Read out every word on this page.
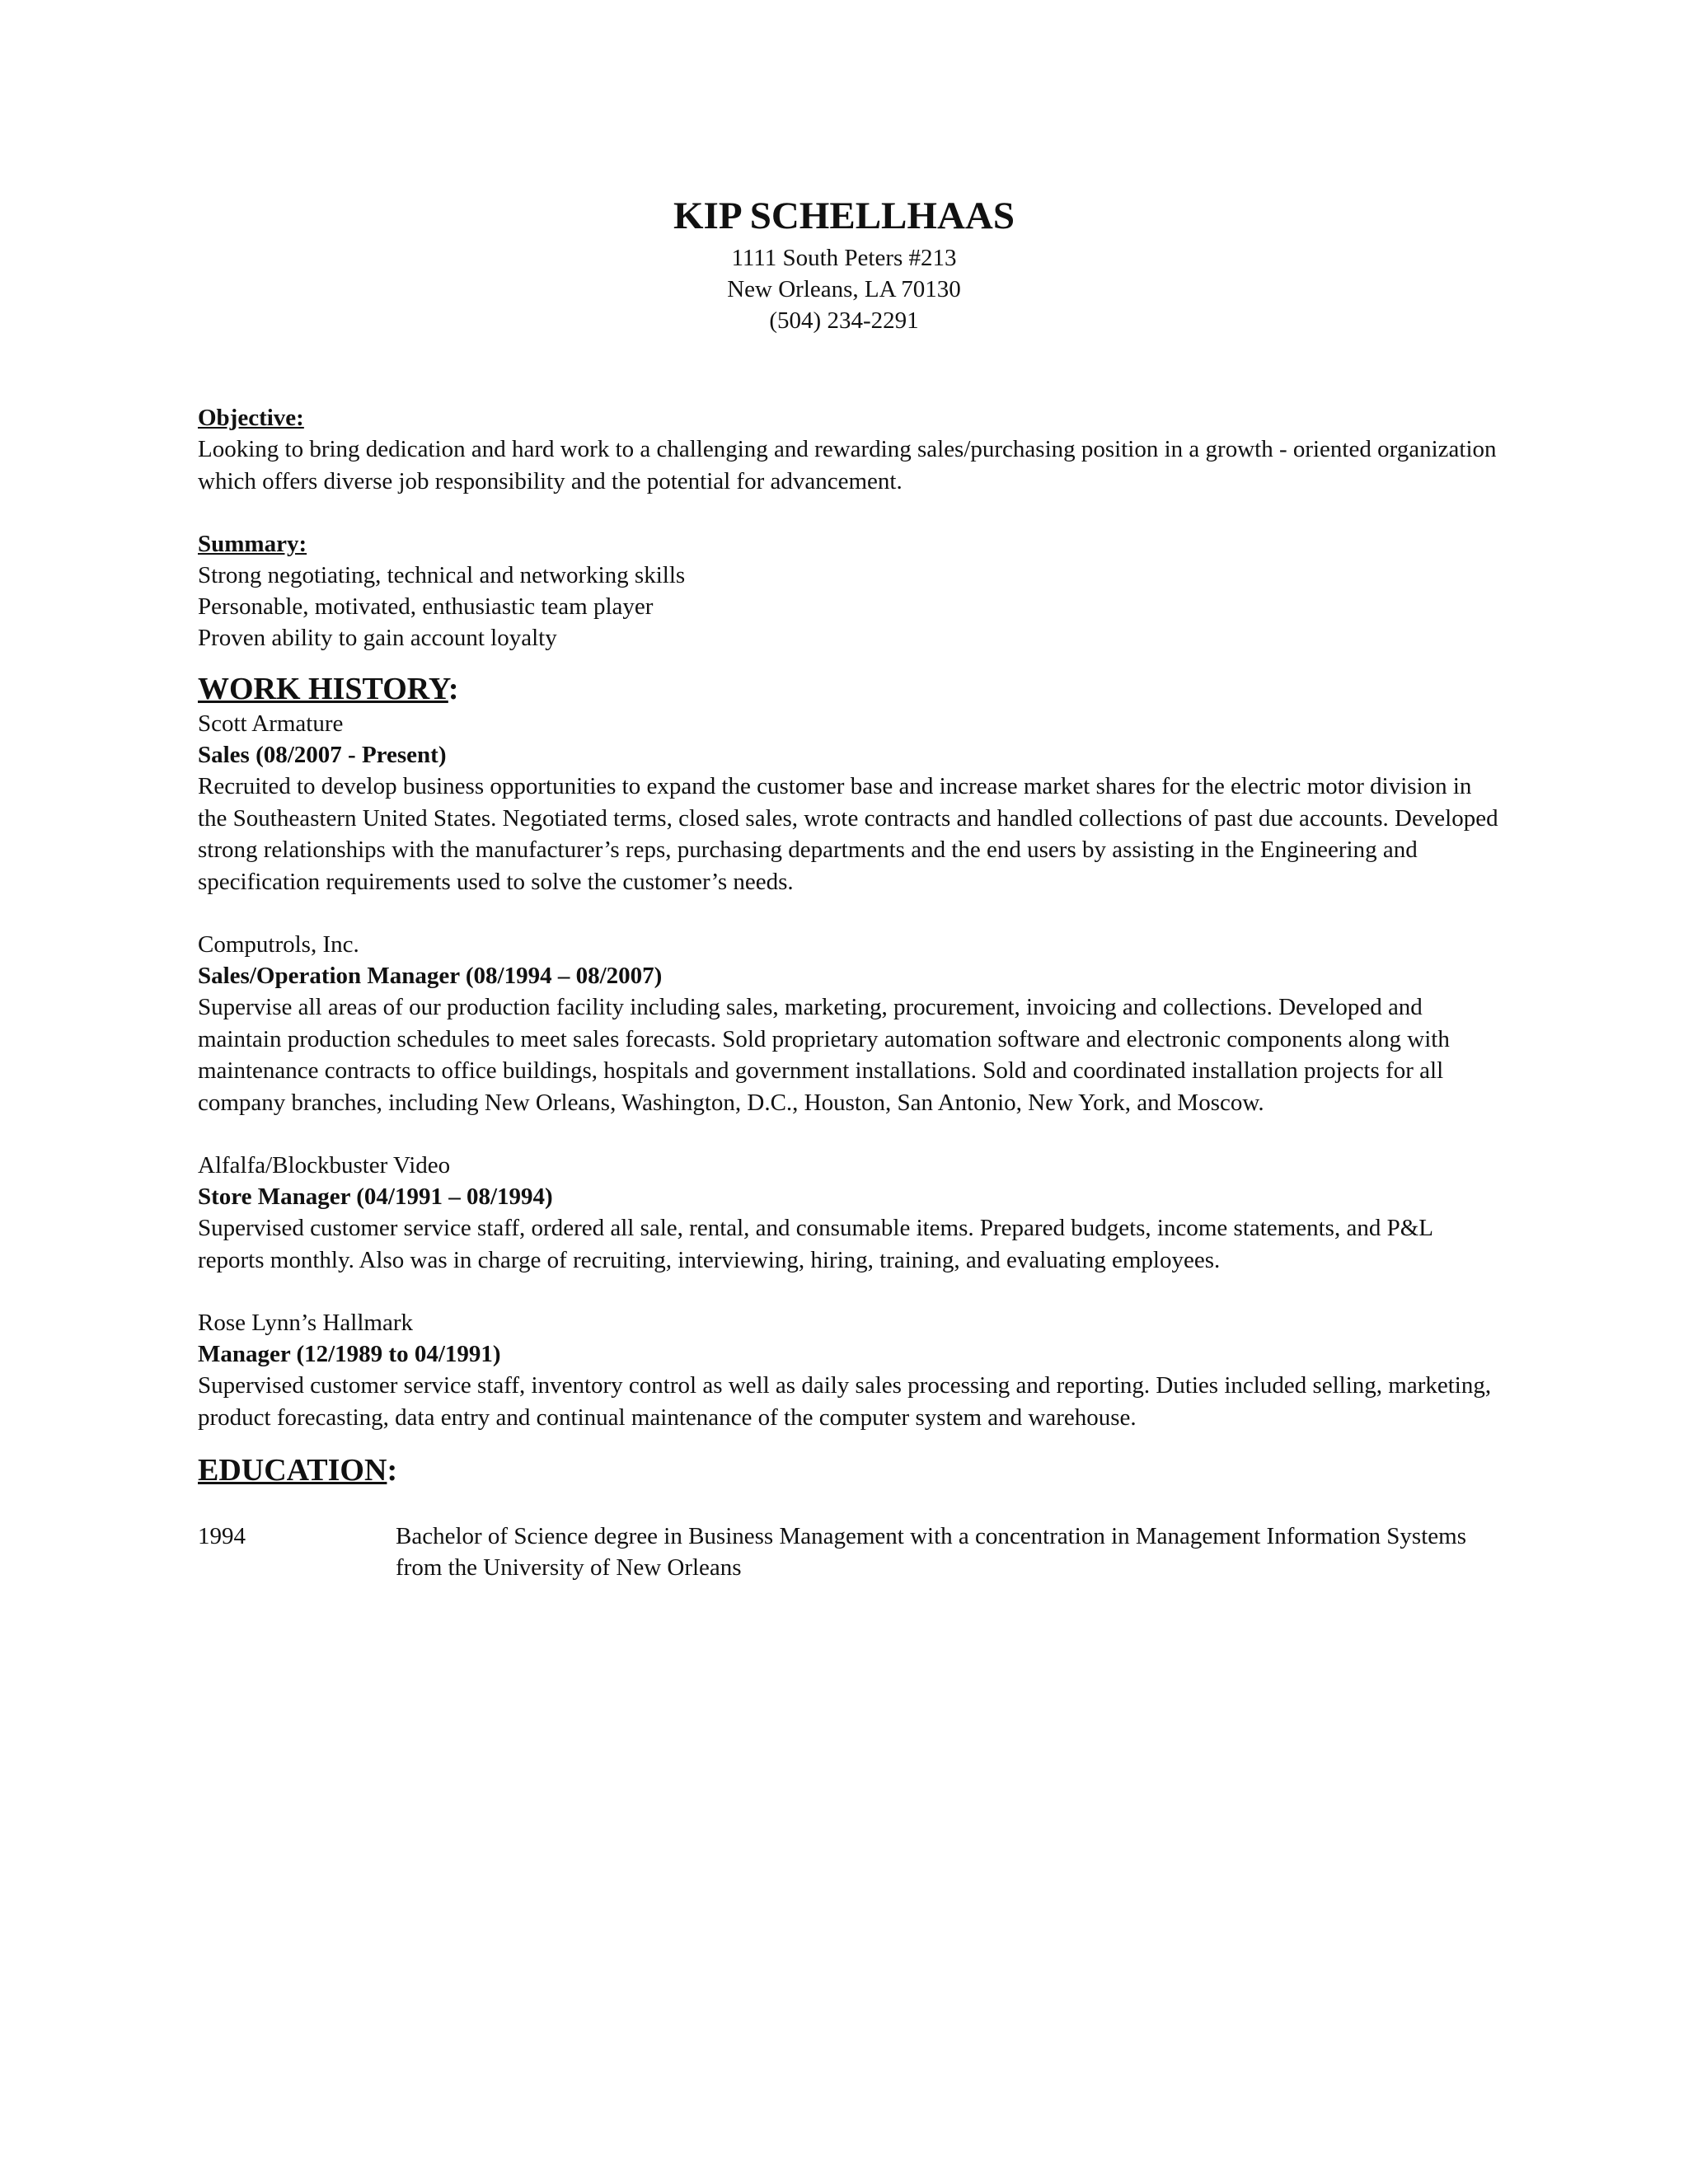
KIP SCHELLHAAS
1111 South Peters #213
New Orleans, LA 70130
(504) 234-2291
Objective:
Looking to bring dedication and hard work to a challenging and rewarding sales/purchasing position in a growth - oriented organization which offers diverse job responsibility and the potential for advancement.
Summary:
Strong negotiating, technical and networking skills
Personable, motivated, enthusiastic team player
Proven ability to gain account loyalty
WORK HISTORY:
Scott Armature
Sales (08/2007 - Present)
Recruited to develop business opportunities to expand the customer base and increase market shares for the electric motor division in the Southeastern United States. Negotiated terms, closed sales, wrote contracts and handled collections of past due accounts. Developed strong relationships with the manufacturer’s reps, purchasing departments and the end users by assisting in the Engineering and specification requirements used to solve the customer’s needs.
Computrols, Inc.
Sales/Operation Manager (08/1994 – 08/2007)
Supervise all areas of our production facility including sales, marketing, procurement, invoicing and collections. Developed and maintain production schedules to meet sales forecasts. Sold proprietary automation software and electronic components along with maintenance contracts to office buildings, hospitals and government installations. Sold and coordinated installation projects for all company branches, including New Orleans, Washington, D.C., Houston, San Antonio, New York, and Moscow.
Alfalfa/Blockbuster Video
Store Manager (04/1991 – 08/1994)
Supervised customer service staff, ordered all sale, rental, and consumable items. Prepared budgets, income statements, and P&L reports monthly. Also was in charge of recruiting, interviewing, hiring, training, and evaluating employees.
Rose Lynn’s Hallmark
Manager (12/1989 to 04/1991)
Supervised customer service staff, inventory control as well as daily sales processing and reporting. Duties included selling, marketing, product forecasting, data entry and continual maintenance of the computer system and warehouse.
EDUCATION:
1994	Bachelor of Science degree in Business Management with a concentration in Management Information Systems from the University of New Orleans
